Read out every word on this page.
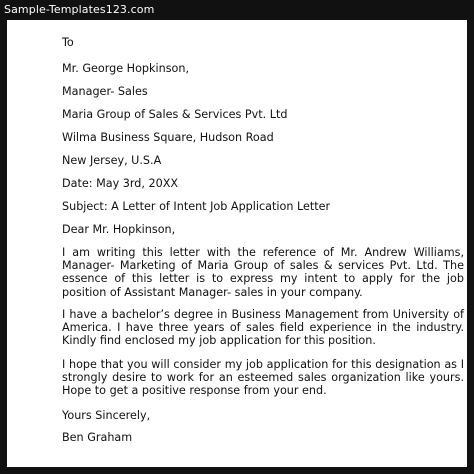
Sample-Templates123.com
To
Mr. George Hopkinson,
Manager- Sales
Maria Group of Sales & Services Pvt. Ltd
Wilma Business Square, Hudson Road
New Jersey, U.S.A
Date: May 3rd, 20XX
Subject: A Letter of Intent Job Application Letter
Dear Mr. Hopkinson,
I am writing this letter with the reference of Mr. Andrew Williams, Manager- Marketing of Maria Group of sales & services Pvt. Ltd. The essence of this letter is to express my intent to apply for the job position of Assistant Manager- sales in your company.
I have a bachelor’s degree in Business Management from University of America. I have three years of sales field experience in the industry. Kindly find enclosed my job application for this position.
I hope that you will consider my job application for this designation as I strongly desire to work for an esteemed sales organization like yours. Hope to get a positive response from your end.
Yours Sincerely,
Ben Graham
